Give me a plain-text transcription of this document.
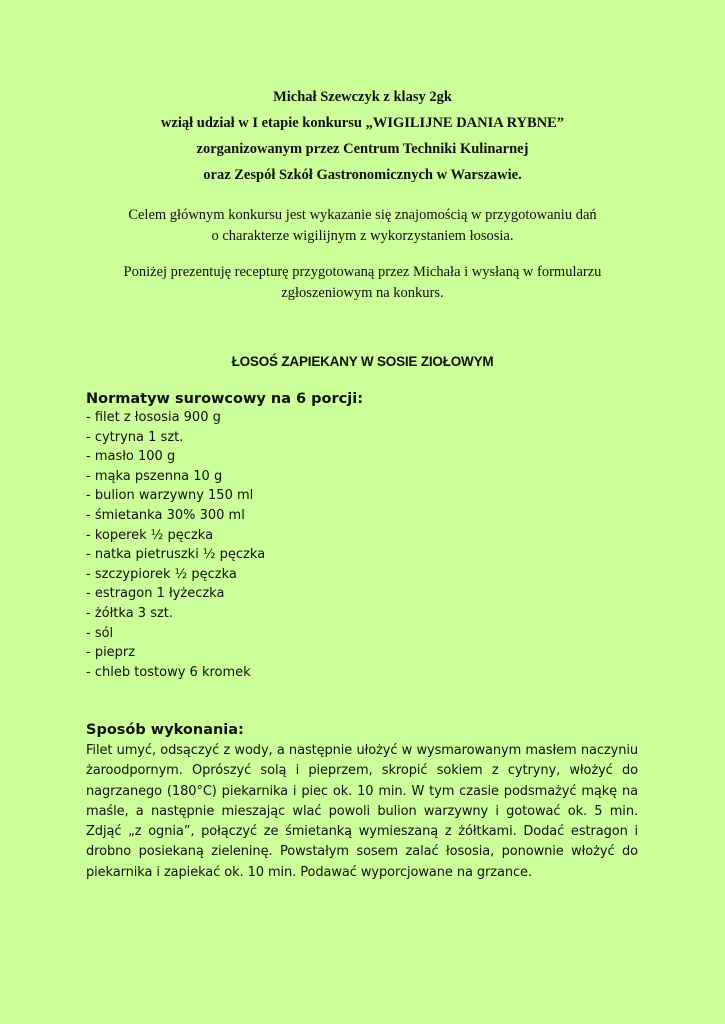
Michał Szewczyk z klasy 2gk
wziął udział w I etapie konkursu „WIGILIJNE DANIA RYBNE”
zorganizowanym przez Centrum Techniki Kulinarnej
oraz Zespół Szkół Gastronomicznych w Warszawie.
Celem głównym konkursu jest wykazanie się znajomością w przygotowaniu dań
o charakterze wigilijnym z wykorzystaniem łososia.
Poniżej prezentuję recepturę przygotowaną przez Michała i wysłaną w formularzu
zgłoszeniowym na konkurs.
ŁOSOŚ ZAPIEKANY W SOSIE ZIOŁOWYM
Normatyw surowcowy na 6 porcji:
- filet z łososia 900 g
- cytryna 1 szt.
- masło 100 g
- mąka pszenna 10 g
- bulion warzywny 150 ml
- śmietanka 30% 300 ml
- koperek ½ pęczka
- natka pietruszki ½ pęczka
- szczypiorek ½ pęczka
- estragon 1 łyżeczka
- żółtka 3 szt.
- sól
- pieprz
- chleb tostowy 6 kromek
Sposób wykonania:
Filet umyć, odsączyć z wody, a następnie ułożyć w wysmarowanym masłem naczyniu żaroodpornym. Oprószyć solą i pieprzem, skropić sokiem z cytryny, włożyć do nagrzanego (180°C) piekarnika i piec ok. 10 min. W tym czasie podsmażyć mąkę na maśle, a następnie mieszając wlać powoli bulion warzywny i gotować ok. 5 min. Zdjąć „z ognia”, połączyć ze śmietanką wymieszaną z żółtkami. Dodać estragon i drobno posiekaną zieleninę. Powstałym sosem zalać łososia, ponownie włożyć do piekarnika i zapiekać ok. 10 min. Podawać wyporcjowane na grzance.
